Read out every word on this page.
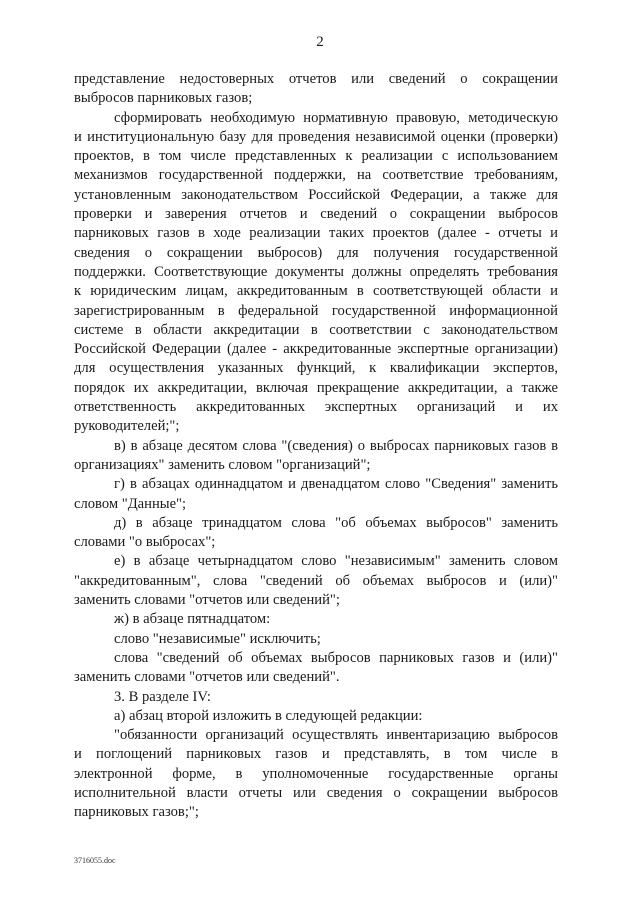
2
представление недостоверных отчетов или сведений о сокращении
выбросов парниковых газов;
сформировать необходимую нормативную правовую, методическую
и институциональную базу для проведения независимой оценки (проверки)
проектов, в том числе представленных к реализации с использованием
механизмов государственной поддержки, на соответствие требованиям,
установленным законодательством Российской Федерации, а также для
проверки и заверения отчетов и сведений о сокращении выбросов
парниковых газов в ходе реализации таких проектов (далее - отчеты и
сведения о сокращении выбросов) для получения государственной
поддержки. Соответствующие документы должны определять требования
к юридическим лицам, аккредитованным в соответствующей области и
зарегистрированным в федеральной государственной информационной
системе в области аккредитации в соответствии с законодательством
Российской Федерации (далее - аккредитованные экспертные организации)
для осуществления указанных функций, к квалификации экспертов,
порядок их аккредитации, включая прекращение аккредитации, а также
ответственность аккредитованных экспертных организаций и их
руководителей;";
в) в абзаце десятом слова "(сведения) о выбросах парниковых газов в
организациях" заменить словом "организаций";
г) в абзацах одиннадцатом и двенадцатом слово "Сведения" заменить
словом "Данные";
д) в абзаце тринадцатом слова "об объемах выбросов" заменить
словами "о выбросах";
е) в абзаце четырнадцатом слово "независимым" заменить словом
"аккредитованным", слова "сведений об объемах выбросов и (или)"
заменить словами "отчетов или сведений";
ж) в абзаце пятнадцатом:
слово "независимые" исключить;
слова "сведений об объемах выбросов парниковых газов и (или)"
заменить словами "отчетов или сведений".
3. В разделе IV:
а) абзац второй изложить в следующей редакции:
"обязанности организаций осуществлять инвентаризацию выбросов
и поглощений парниковых газов и представлять, в том числе в
электронной форме, в уполномоченные государственные органы
исполнительной власти отчеты или сведения о сокращении выбросов
парниковых газов;";
3716055.doc
